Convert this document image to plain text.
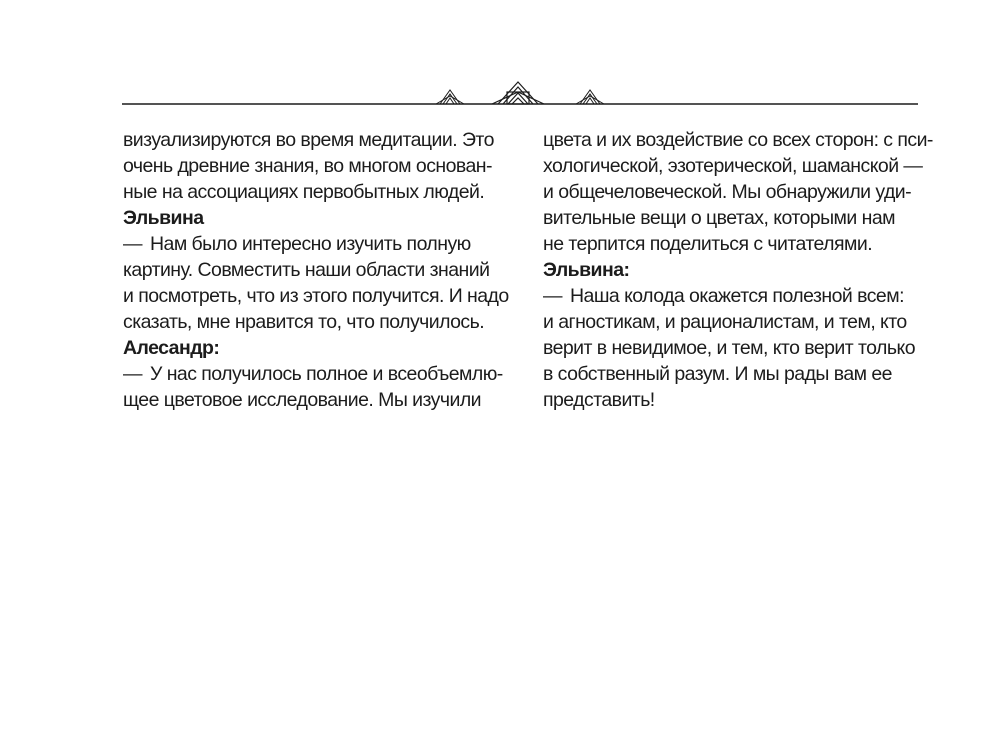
визуализируются во время медитации. Это
очень древние знания, во многом основан-
ные на ассоциациях первобытных людей.
Эльвина
— Нам было интересно изучить полную
картину. Совместить наши области знаний
и посмотреть, что из этого получится. И надо
сказать, мне нравится то, что получилось.
Алесандр:
— У нас получилось полное и всеобъемлю-
щее цветовое исследование. Мы изучили
цвета и их воздействие со всех сторон: с пси-
хологической, эзотерической, шаманской —
и общечеловеческой. Мы обнаружили уди-
вительные вещи о цветах, которыми нам
не терпится поделиться с читателями.
Эльвина:
— Наша колода окажется полезной всем:
и агностикам, и рационалистам, и тем, кто
верит в невидимое, и тем, кто верит только
в собственный разум. И мы рады вам ее
представить!
